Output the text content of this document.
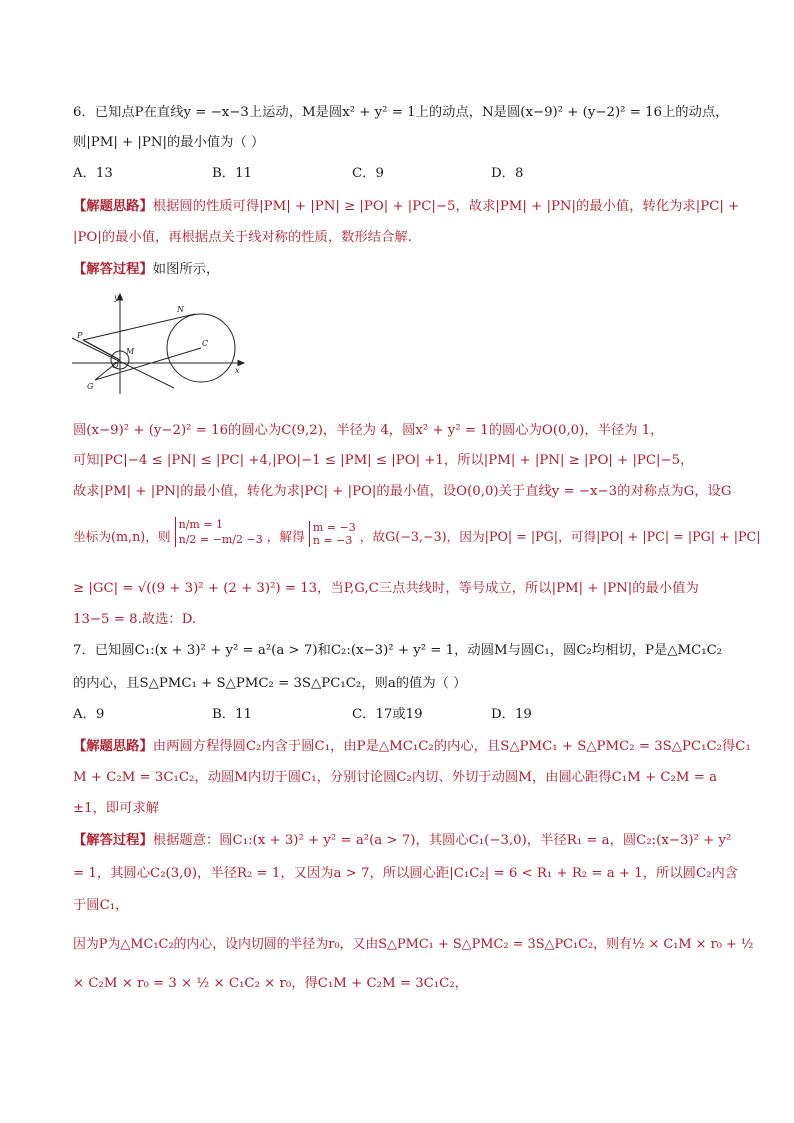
6．已知点P在直线y = −x−3上运动，M是圆x² + y² = 1上的动点，N是圆(x−9)² + (y−2)² = 16上的动点，
则|PM| + |PN|的最小值为（ ）
A．13	B．11	C．9	D．8
【解题思路】根据圆的性质可得|PM| + |PN| ≥ |PO| + |PC|−5，故求|PM| + |PN|的最小值，转化为求|PC| +
|PO|的最小值，再根据点关于线对称的性质，数形结合解.
【解答过程】如图所示，
y
x
N
P
M
C
G
O
圆(x−9)² + (y−2)² = 16的圆心为C(9,2)，半径为 4，圆x² + y² = 1的圆心为O(0,0)，半径为 1，
可知|PC|−4 ≤ |PN| ≤ |PC| +4,|PO|−1 ≤ |PM| ≤ |PO| +1，所以|PM| + |PN| ≥ |PO| + |PC|−5，
故求|PM| + |PN|的最小值，转化为求|PC| + |PO|的最小值，设O(0,0)关于直线y = −x−3的对称点为G，设G
坐标为(m,n)，则
n/m = 1
n/2 = −m/2 −3 ，解得
m = −3
n = −3 ，故G(−3,−3)，因为|PO| = |PG|，可得|PO| + |PC| = |PG| + |PC|
≥ |GC| = √((9 + 3)² + (2 + 3)²) = 13，当P,G,C三点共线时，等号成立，所以|PM| + |PN|的最小值为
13−5 = 8.故选：D.
7．已知圆C₁:(x + 3)² + y² = a²(a > 7)和C₂:(x−3)² + y² = 1，动圆M与圆C₁，圆C₂均相切，P是△MC₁C₂
的内心，且S△PMC₁ + S△PMC₂ = 3S△PC₁C₂，则a的值为（ ）
A．9	B．11	C．17或19	D．19
【解题思路】由两圆方程得圆C₂内含于圆C₁，由P是△MC₁C₂的内心，且S△PMC₁ + S△PMC₂ = 3S△PC₁C₂得C₁
M + C₂M = 3C₁C₂，动圆M内切于圆C₁，分别讨论圆C₂内切、外切于动圆M，由圆心距得C₁M + C₂M = a
±1，即可求解
【解答过程】根据题意：圆C₁:(x + 3)² + y² = a²(a > 7)，其圆心C₁(−3,0)，半径R₁ = a，圆C₂:(x−3)² + y²
= 1，其圆心C₂(3,0)，半径R₂ = 1，又因为a > 7，所以圆心距|C₁C₂| = 6 < R₁ + R₂ = a + 1，所以圆C₂内含
于圆C₁，
因为P为△MC₁C₂的内心，设内切圆的半径为r₀，又由S△PMC₁ + S△PMC₂ = 3S△PC₁C₂，则有½ × C₁M × r₀ + ½
× C₂M × r₀ = 3 × ½ × C₁C₂ × r₀，得C₁M + C₂M = 3C₁C₂，
